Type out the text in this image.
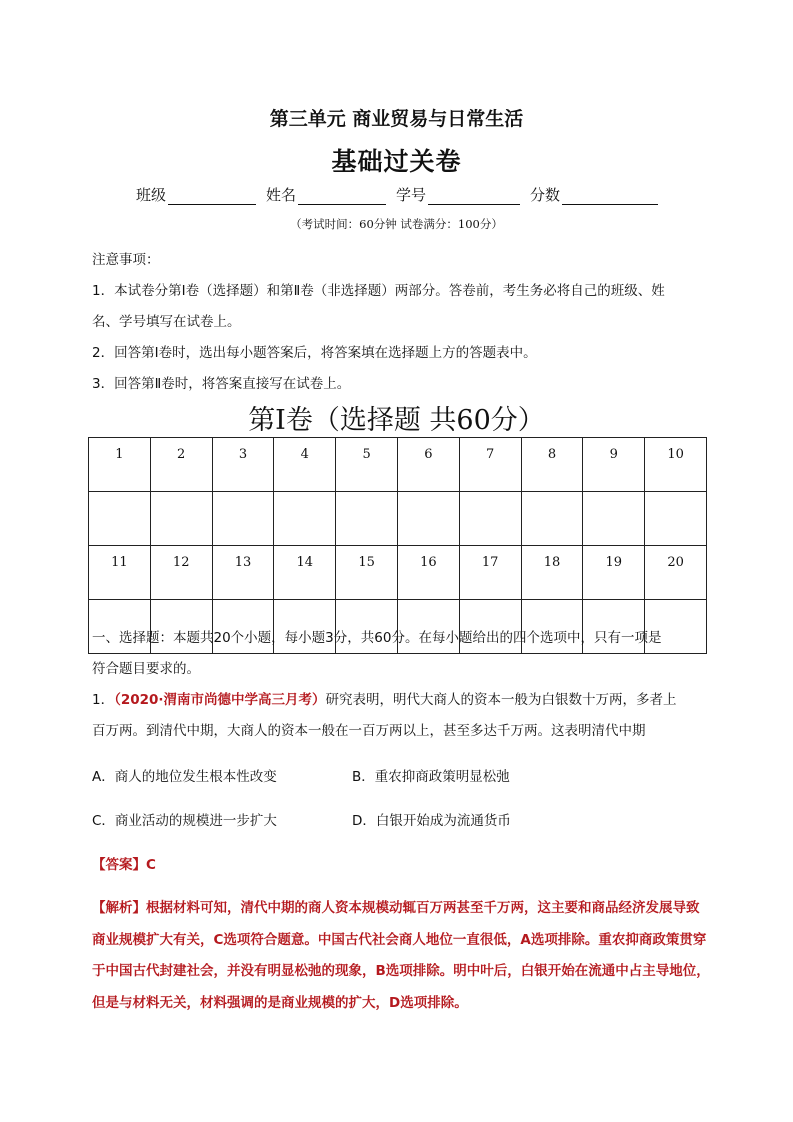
第三单元 商业贸易与日常生活
基础过关卷
班级	姓名	学号	分数
（考试时间：60分钟 试卷满分：100分）
注意事项：
1．本试卷分第Ⅰ卷（选择题）和第Ⅱ卷（非选择题）两部分。答卷前，考生务必将自己的班级、姓
名、学号填写在试卷上。
2．回答第Ⅰ卷时，选出每小题答案后，将答案填在选择题上方的答题表中。
3．回答第Ⅱ卷时，将答案直接写在试卷上。
第Ⅰ卷（选择题 共60分）
1	2	3	4	5	6	7	8	9	10

11	12	13	14	15	16	17	18	19	20

一、选择题：本题共20个小题，每小题3分，共60分。在每小题给出的四个选项中，只有一项是
符合题目要求的。
1．（2020·渭南市尚德中学高三月考）研究表明，明代大商人的资本一般为白银数十万两，多者上
百万两。到清代中期，大商人的资本一般在一百万两以上，甚至多达千万两。这表明清代中期
A．商人的地位发生根本性改变	B．重农抑商政策明显松弛
C．商业活动的规模进一步扩大	D．白银开始成为流通货币
【答案】C
【解析】根据材料可知，清代中期的商人资本规模动辄百万两甚至千万两，这主要和商品经济发展导致商业规模扩大有关，C选项符合题意。中国古代社会商人地位一直很低，A选项排除。重农抑商政策贯穿于中国古代封建社会，并没有明显松弛的现象，B选项排除。明中叶后，白银开始在流通中占主导地位，但是与材料无关，材料强调的是商业规模的扩大，D选项排除。
